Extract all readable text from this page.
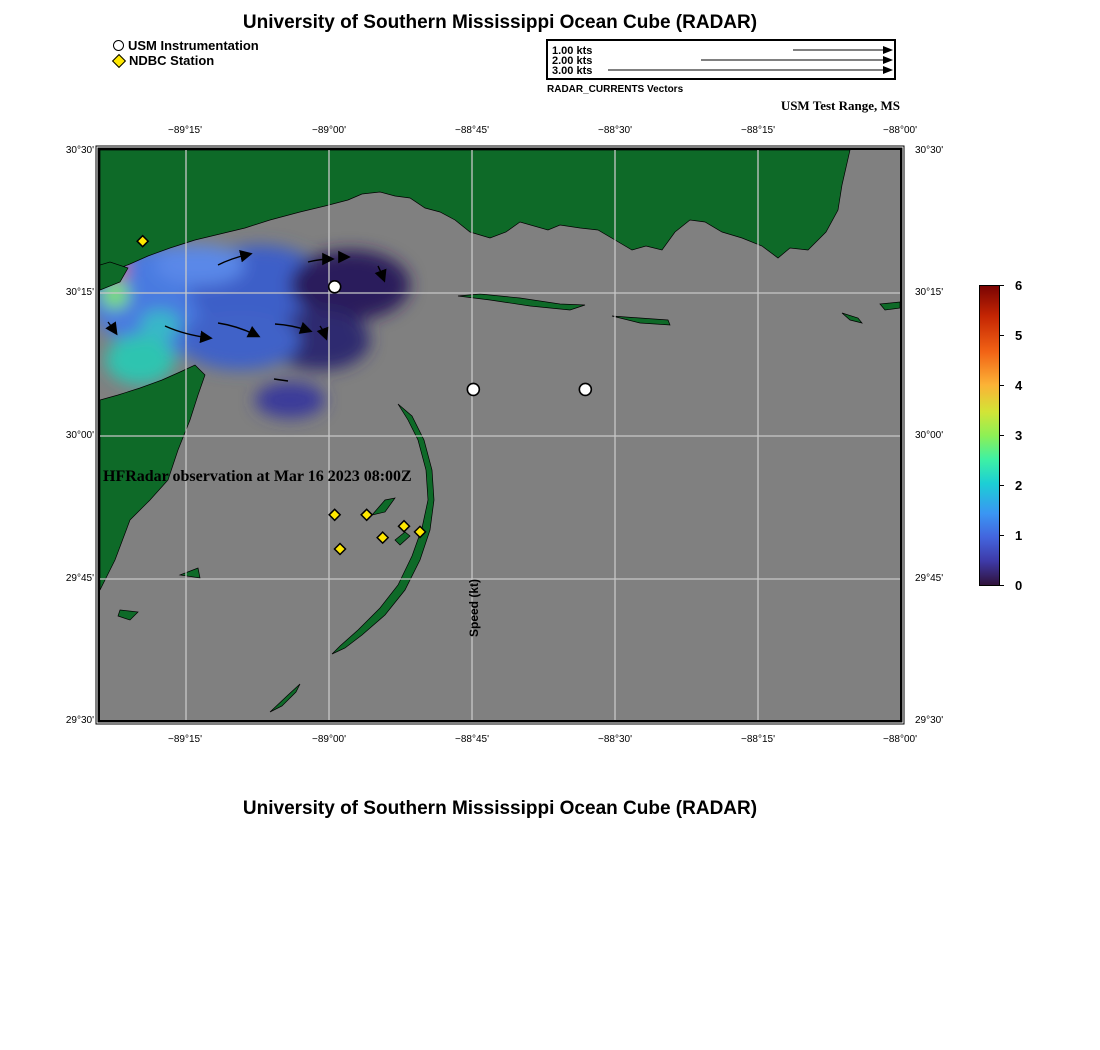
University of Southern Mississippi Ocean Cube (RADAR)
USM Instrumentation
NDBC Station
1.00 kts
2.00 kts
3.00 kts
RADAR_CURRENTS Vectors
USM Test Range, MS
−89°15'	−89°00'	−88°45'	−88°30'	−88°15'	−88°00'
−89°15'	−89°00'	−88°45'	−88°30'	−88°15'	−88°00'
30°30'
30°15'
30°00'
29°45'
29°30'
30°30'
30°15'
30°00'
29°45'
29°30'
HFRadar observation at Mar 16 2023 08:00Z
6
5
4
3
2
1
0
Speed (kt)
University of Southern Mississippi Ocean Cube (RADAR)
